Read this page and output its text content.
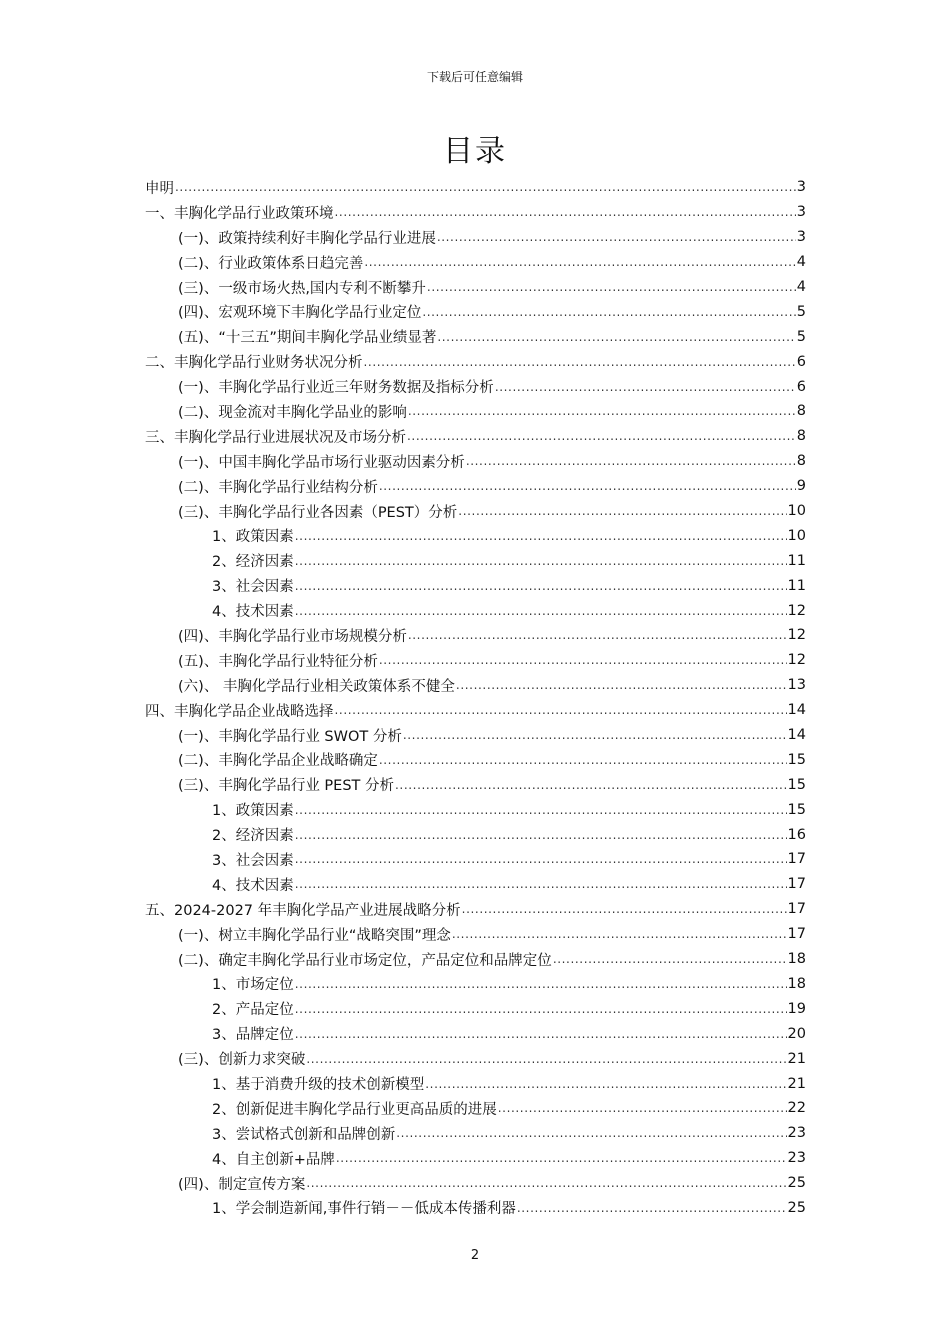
下载后可任意编辑
目录
申明 .....	3
一、丰胸化学品行业政策环境 .....	3
(一)、政策持续利好丰胸化学品行业进展 .....	3
(二)、行业政策体系日趋完善 .....	4
(三)、一级市场火热,国内专利不断攀升 .....	4
(四)、宏观环境下丰胸化学品行业定位 .....	5
(五)、“十三五”期间丰胸化学品业绩显著 .....	5
二、丰胸化学品行业财务状况分析 .....	6
(一)、丰胸化学品行业近三年财务数据及指标分析 .....	6
(二)、现金流对丰胸化学品业的影响 .....	8
三、丰胸化学品行业进展状况及市场分析 .....	8
(一)、中国丰胸化学品市场行业驱动因素分析 .....	8
(二)、丰胸化学品行业结构分析 .....	9
(三)、丰胸化学品行业各因素（PEST）分析 .....	10
1、政策因素 .....	10
2、经济因素 .....	11
3、社会因素 .....	11
4、技术因素 .....	12
(四)、丰胸化学品行业市场规模分析 .....	12
(五)、丰胸化学品行业特征分析 .....	12
(六)、 丰胸化学品行业相关政策体系不健全 .....	13
四、丰胸化学品企业战略选择 .....	14
(一)、丰胸化学品行业 SWOT 分析 .....	14
(二)、丰胸化学品企业战略确定 .....	15
(三)、丰胸化学品行业 PEST 分析 .....	15
1、政策因素 .....	15
2、经济因素 .....	16
3、社会因素 .....	17
4、技术因素 .....	17
五、2024-2027 年丰胸化学品产业进展战略分析 .....	17
(一)、树立丰胸化学品行业“战略突围”理念 .....	17
(二)、确定丰胸化学品行业市场定位，产品定位和品牌定位 .....	18
1、市场定位 .....	18
2、产品定位 .....	19
3、品牌定位 .....	20
(三)、创新力求突破 .....	21
1、基于消费升级的技术创新模型 .....	21
2、创新促进丰胸化学品行业更高品质的进展 .....	22
3、尝试格式创新和品牌创新 .....	23
4、自主创新+品牌 .....	23
(四)、制定宣传方案 .....	25
1、学会制造新闻,事件行销－－低成本传播利器 .....	25
2
